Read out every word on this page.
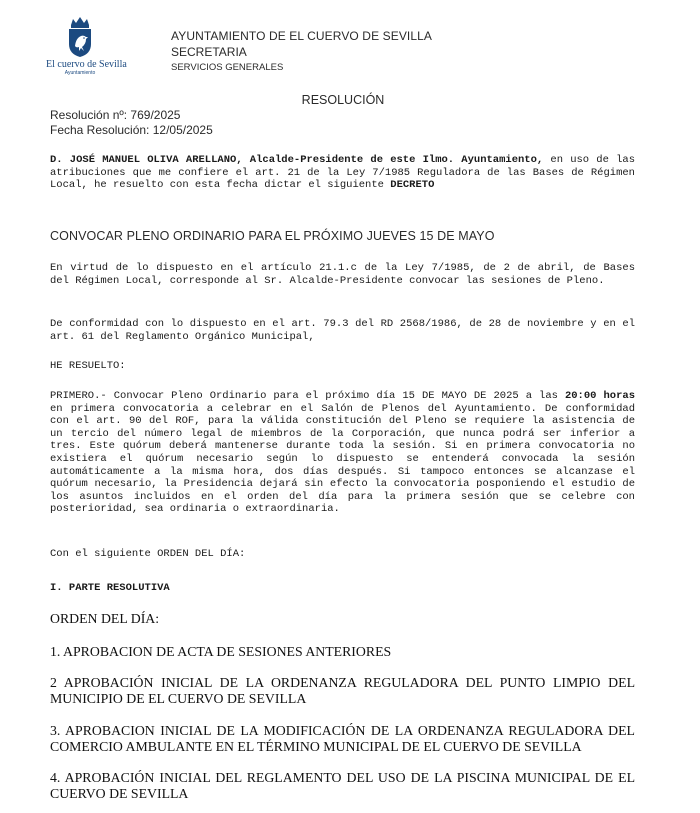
El cuervo de Sevilla
Ayuntamiento
AYUNTAMIENTO DE EL CUERVO DE SEVILLA
SECRETARIA
SERVICIOS GENERALES
RESOLUCIÓN
Resolución nº: 769/2025
Fecha Resolución: 12/05/2025
D. JOSÉ MANUEL OLIVA ARELLANO, Alcalde-Presidente de este Ilmo. Ayuntamiento, en uso de las atribuciones que me confiere el art. 21 de la Ley 7/1985 Reguladora de las Bases de Régimen Local, he resuelto con esta fecha dictar el siguiente DECRETO
CONVOCAR PLENO ORDINARIO PARA EL PRÓXIMO JUEVES 15 DE MAYO
En virtud de lo dispuesto en el artículo 21.1.c de la Ley 7/1985, de 2 de abril, de Bases del Régimen Local, corresponde al Sr. Alcalde-Presidente convocar las sesiones de Pleno.
De conformidad con lo dispuesto en el art. 79.3 del RD 2568/1986, de 28 de noviembre y en el art. 61 del Reglamento Orgánico Municipal,
HE RESUELTO:
PRIMERO.- Convocar Pleno Ordinario para el próximo día 15 DE MAYO DE 2025 a las 20:00 horas en primera convocatoria a celebrar en el Salón de Plenos del Ayuntamiento. De conformidad con el art. 90 del ROF, para la válida constitución del Pleno se requiere la asistencia de un tercio del número legal de miembros de la Corporación, que nunca podrá ser inferior a tres. Este quórum deberá mantenerse durante toda la sesión. Si en primera convocatoria no existiera el quórum necesario según lo dispuesto se entenderá convocada la sesión automáticamente a la misma hora, dos días después. Si tampoco entonces se alcanzase el quórum necesario, la Presidencia dejará sin efecto la convocatoria posponiendo el estudio de los asuntos incluidos en el orden del día para la primera sesión que se celebre con posterioridad, sea ordinaria o extraordinaria.
Con el siguiente ORDEN DEL DÍA:
I. PARTE RESOLUTIVA
ORDEN DEL DÍA:
1. APROBACION DE ACTA DE SESIONES ANTERIORES
2 APROBACIÓN INICIAL DE LA ORDENANZA REGULADORA DEL PUNTO LIMPIO DEL MUNICIPIO DE EL CUERVO DE SEVILLA
3. APROBACION INICIAL DE LA MODIFICACIÓN DE LA ORDENANZA REGULADORA DEL COMERCIO AMBULANTE EN EL TÉRMINO MUNICIPAL DE EL CUERVO DE SEVILLA
4. APROBACIÓN INICIAL DEL REGLAMENTO DEL USO DE LA PISCINA MUNICIPAL DE EL CUERVO DE SEVILLA
